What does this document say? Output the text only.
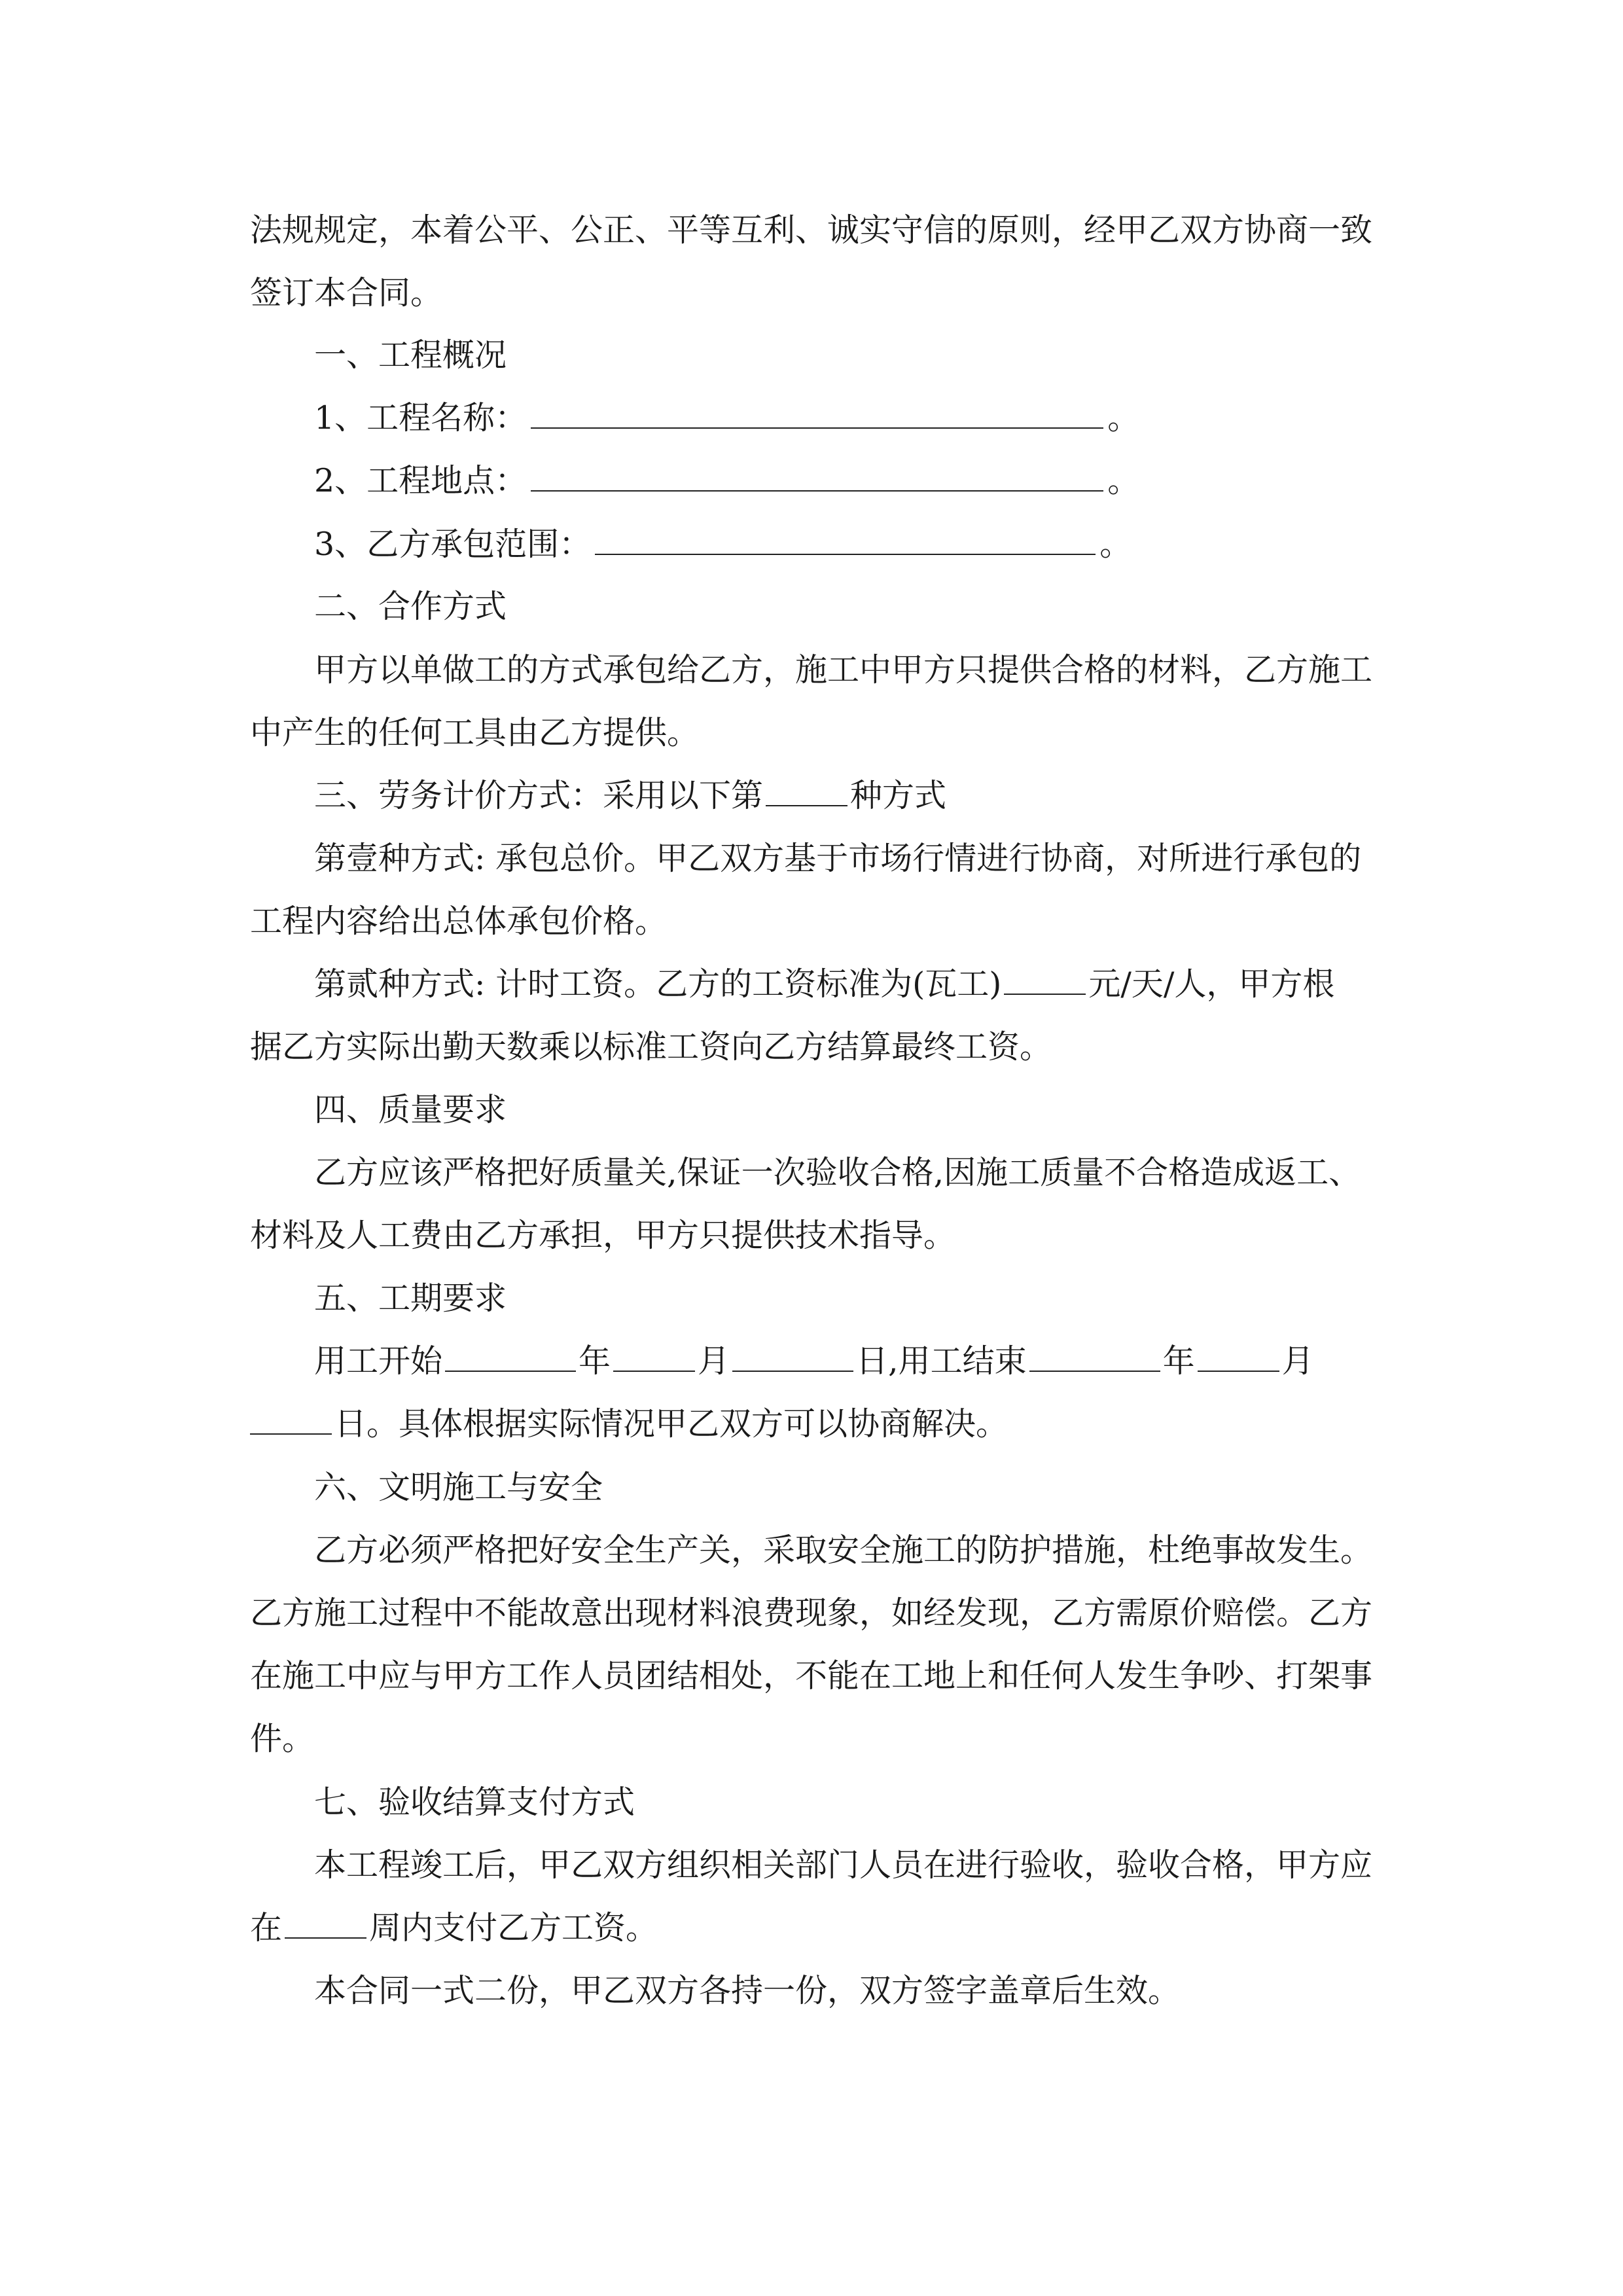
法规规定，本着公平、公正、平等互利、诚实守信的原则，经甲乙双方协商一致
签订本合同。
一、工程概况
1、工程名称：	。
2、工程地点：	。
3、乙方承包范围：	。
二、合作方式
甲方以单做工的方式承包给乙方，施工中甲方只提供合格的材料，乙方施工
中产生的任何工具由乙方提供。
三、劳务计价方式：采用以下第	种方式
第壹种方式: 承包总价。甲乙双方基于市场行情进行协商，对所进行承包的
工程内容给出总体承包价格。
第贰种方式: 计时工资。乙方的工资标准为(瓦工)	元/天/人，甲方根
据乙方实际出勤天数乘以标准工资向乙方结算最终工资。
四、质量要求
乙方应该严格把好质量关,保证一次验收合格,因施工质量不合格造成返工、
材料及人工费由乙方承担，甲方只提供技术指导。
五、工期要求
用工开始	年	月	日,用工结束	年	月
日。具体根据实际情况甲乙双方可以协商解决。
六、文明施工与安全
乙方必须严格把好安全生产关，采取安全施工的防护措施，杜绝事故发生。
乙方施工过程中不能故意出现材料浪费现象，如经发现，乙方需原价赔偿。乙方
在施工中应与甲方工作人员团结相处，不能在工地上和任何人发生争吵、打架事
件。
七、验收结算支付方式
本工程竣工后，甲乙双方组织相关部门人员在进行验收，验收合格，甲方应
在	周内支付乙方工资。
本合同一式二份，甲乙双方各持一份，双方签字盖章后生效。
